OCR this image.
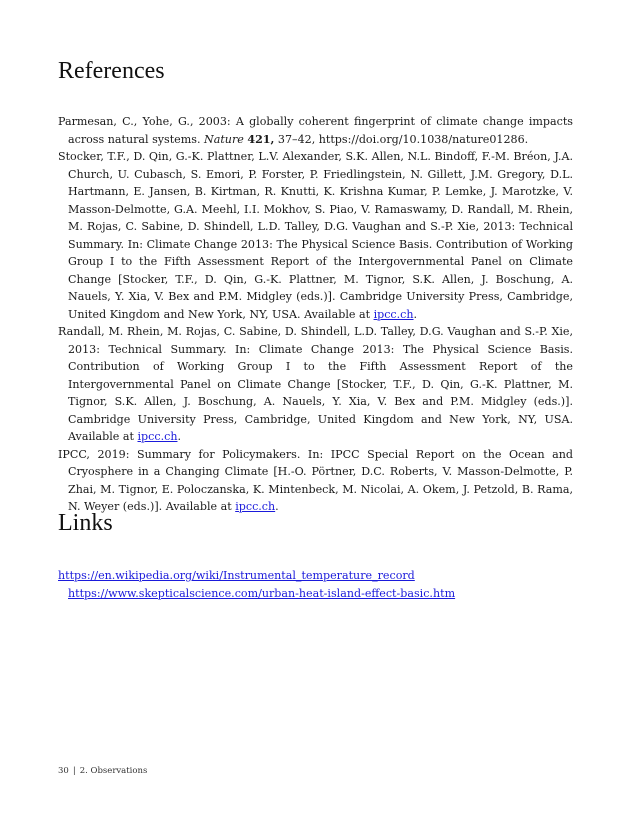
References

Parmesan, C., Yohe, G., 2003: A globally coherent fingerprint of climate change impacts across natural systems. Nature 421, 37–42, https://doi.org/10.1038/nature01286.

Stocker, T.F., D. Qin, G.-K. Plattner, L.V. Alexander, S.K. Allen, N.L. Bindoff, F.-M. Bréon, J.A. Church, U. Cubasch, S. Emori, P. Forster, P. Friedlingstein, N. Gillett, J.M. Gregory, D.L. Hartmann, E. Jansen, B. Kirtman, R. Knutti, K. Krishna Kumar, P. Lemke, J. Marotzke, V. Masson-Delmotte, G.A. Meehl, I.I. Mokhov, S. Piao, V. Ramaswamy, D. Randall, M. Rhein, M. Rojas, C. Sabine, D. Shindell, L.D. Talley, D.G. Vaughan and S.-P. Xie, 2013: Technical Summary. In: Climate Change 2013: The Physical Science Basis. Contribution of Working Group I to the Fifth Assessment Report of the Intergovernmental Panel on Climate Change [Stocker, T.F., D. Qin, G.-K. Plattner, M. Tignor, S.K. Allen, J. Boschung, A. Nauels, Y. Xia, V. Bex and P.M. Midgley (eds.)]. Cambridge University Press, Cambridge, United Kingdom and New York, NY, USA. Available at ipcc.ch.

Randall, M. Rhein, M. Rojas, C. Sabine, D. Shindell, L.D. Talley, D.G. Vaughan and S.-P. Xie, 2013: Technical Summary. In: Climate Change 2013: The Physical Science Basis. Contribution of Working Group I to the Fifth Assessment Report of the Intergovernmental Panel on Climate Change [Stocker, T.F., D. Qin, G.-K. Plattner, M. Tignor, S.K. Allen, J. Boschung, A. Nauels, Y. Xia, V. Bex and P.M. Midgley (eds.)]. Cambridge University Press, Cambridge, United Kingdom and New York, NY, USA. Available at ipcc.ch.

IPCC, 2019: Summary for Policymakers. In: IPCC Special Report on the Ocean and Cryosphere in a Changing Climate [H.-O. Pörtner, D.C. Roberts, V. Masson-Delmotte, P. Zhai, M. Tignor, E. Poloczanska, K. Mintenbeck, M. Nicolai, A. Okem, J. Petzold, B. Rama, N. Weyer (eds.)]. Available at ipcc.ch.

Links
https://en.wikipedia.org/wiki/Instrumental_temperature_record
https://www.skepticalscience.com/urban-heat-island-effect-basic.htm
30 | 2. Observations
